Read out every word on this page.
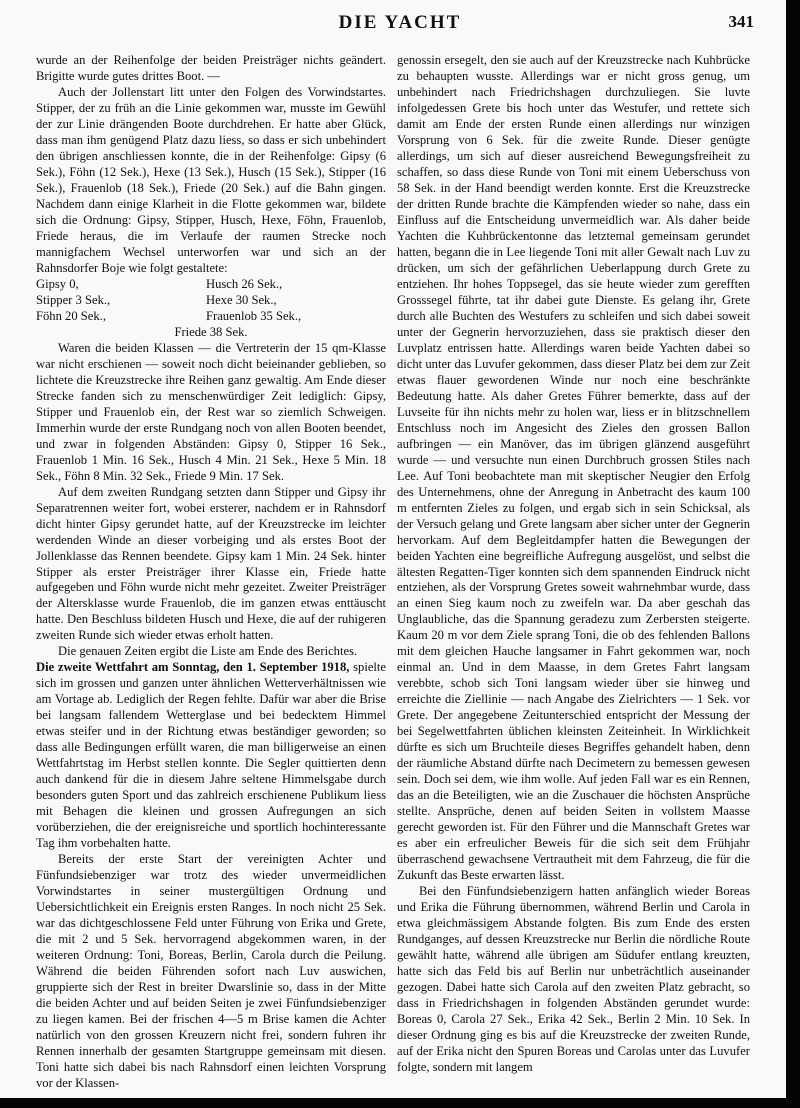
DIE YACHT	341

wurde an der Reihenfolge der beiden Preisträger nichts geändert. Brigitte wurde gutes drittes Boot. —

Auch der Jollenstart litt unter den Folgen des Vorwindstartes. Stipper, der zu früh an die Linie gekommen war, musste im Gewühl der zur Linie drängenden Boote durchdrehen. Er hatte aber Glück, dass man ihm genügend Platz dazu liess, so dass er sich unbehindert den übrigen anschliessen konnte, die in der Reihenfolge: Gipsy (6 Sek.), Föhn (12 Sek.), Hexe (13 Sek.), Husch (15 Sek.), Stipper (16 Sek.), Frauenlob (18 Sek.), Friede (20 Sek.) auf die Bahn gingen. Nachdem dann einige Klarheit in die Flotte gekommen war, bildete sich die Ordnung: Gipsy, Stipper, Husch, Hexe, Föhn, Frauenlob, Friede heraus, die im Verlaufe der raumen Strecke noch mannigfachem Wechsel unterworfen war und sich an der Rahnsdorfer Boje wie folgt gestaltete:

Gipsy 0,	Husch 26 Sek.,
Stipper 3 Sek.,	Hexe 30 Sek.,
Föhn 20 Sek.,	Frauenlob 35 Sek.,
Friede 38 Sek.

Waren die beiden Klassen — die Vertreterin der 15 qm-Klasse war nicht erschienen — soweit noch dicht beieinander geblieben, so lichtete die Kreuzstrecke ihre Reihen ganz gewaltig. Am Ende dieser Strecke fanden sich zu menschenwürdiger Zeit lediglich: Gipsy, Stipper und Frauenlob ein, der Rest war so ziemlich Schweigen. Immerhin wurde der erste Rundgang noch von allen Booten beendet, und zwar in folgenden Abständen: Gipsy 0, Stipper 16 Sek., Frauenlob 1 Min. 16 Sek., Husch 4 Min. 21 Sek., Hexe 5 Min. 18 Sek., Föhn 8 Min. 32 Sek., Friede 9 Min. 17 Sek.

Auf dem zweiten Rundgang setzten dann Stipper und Gipsy ihr Separatrennen weiter fort, wobei ersterer, nachdem er in Rahnsdorf dicht hinter Gipsy gerundet hatte, auf der Kreuzstrecke im leichter werdenden Winde an dieser vorbeiging und als erstes Boot der Jollenklasse das Rennen beendete. Gipsy kam 1 Min. 24 Sek. hinter Stipper als erster Preisträger ihrer Klasse ein, Friede hatte aufgegeben und Föhn wurde nicht mehr gezeitet. Zweiter Preisträger der Altersklasse wurde Frauenlob, die im ganzen etwas enttäuscht hatte. Den Beschluss bildeten Husch und Hexe, die auf der ruhigeren zweiten Runde sich wieder etwas erholt hatten.

Die genauen Zeiten ergibt die Liste am Ende des Berichtes.

Die zweite Wettfahrt am Sonntag, den 1. September 1918, spielte sich im grossen und ganzen unter ähnlichen Wetterverhältnissen wie am Vortage ab. Lediglich der Regen fehlte. Dafür war aber die Brise bei langsam fallendem Wetterglase und bei bedecktem Himmel etwas steifer und in der Richtung etwas beständiger geworden; so dass alle Bedingungen erfüllt waren, die man billigerweise an einen Wettfahrtstag im Herbst stellen konnte. Die Segler quittierten denn auch dankend für die in diesem Jahre seltene Himmelsgabe durch besonders guten Sport und das zahlreich erschienene Publikum liess mit Behagen die kleinen und grossen Aufregungen an sich vorüberziehen, die der ereignisreiche und sportlich hochinteressante Tag ihm vorbehalten hatte.

Bereits der erste Start der vereinigten Achter und Fünfundsiebenziger war trotz des wieder unvermeidlichen Vorwindstartes in seiner mustergültigen Ordnung und Uebersichtlichkeit ein Ereignis ersten Ranges. In noch nicht 25 Sek. war das dichtgeschlossene Feld unter Führung von Erika und Grete, die mit 2 und 5 Sek. hervorragend abgekommen waren, in der weiteren Ordnung: Toni, Boreas, Berlin, Carola durch die Peilung. Während die beiden Führenden sofort nach Luv auswichen, gruppierte sich der Rest in breiter Dwarslinie so, dass in der Mitte die beiden Achter und auf beiden Seiten je zwei Fünfundsiebenziger zu liegen kamen. Bei der frischen 4—5 m Brise kamen die Achter natürlich von den grossen Kreuzern nicht frei, sondern fuhren ihr Rennen innerhalb der gesamten Startgruppe gemeinsam mit diesen. Toni hatte sich dabei bis nach Rahnsdorf einen leichten Vorsprung vor der Klassen-

genossin ersegelt, den sie auch auf der Kreuzstrecke nach Kuhbrücke zu behaupten wusste. Allerdings war er nicht gross genug, um unbehindert nach Friedrichshagen durchzuliegen. Sie luvte infolgedessen Grete bis hoch unter das Westufer, und rettete sich damit am Ende der ersten Runde einen allerdings nur winzigen Vorsprung von 6 Sek. für die zweite Runde. Dieser genügte allerdings, um sich auf dieser ausreichend Bewegungsfreiheit zu schaffen, so dass diese Runde von Toni mit einem Ueberschuss von 58 Sek. in der Hand beendigt werden konnte. Erst die Kreuzstrecke der dritten Runde brachte die Kämpfenden wieder so nahe, dass ein Einfluss auf die Entscheidung unvermeidlich war. Als daher beide Yachten die Kuhbrückentonne das letztemal gemeinsam gerundet hatten, begann die in Lee liegende Toni mit aller Gewalt nach Luv zu drücken, um sich der gefährlichen Ueberlappung durch Grete zu entziehen. Ihr hohes Toppsegel, das sie heute wieder zum gerefften Grosssegel führte, tat ihr dabei gute Dienste. Es gelang ihr, Grete durch alle Buchten des Westufers zu schleifen und sich dabei soweit unter der Gegnerin hervorzuziehen, dass sie praktisch dieser den Luvplatz entrissen hatte. Allerdings waren beide Yachten dabei so dicht unter das Luvufer gekommen, dass dieser Platz bei dem zur Zeit etwas flauer gewordenen Winde nur noch eine beschränkte Bedeutung hatte. Als daher Gretes Führer bemerkte, dass auf der Luvseite für ihn nichts mehr zu holen war, liess er in blitzschnellem Entschluss noch im Angesicht des Zieles den grossen Ballon aufbringen — ein Manöver, das im übrigen glänzend ausgeführt wurde — und versuchte nun einen Durchbruch grossen Stiles nach Lee. Auf Toni beobachtete man mit skeptischer Neugier den Erfolg des Unternehmens, ohne der Anregung in Anbetracht des kaum 100 m entfernten Zieles zu folgen, und ergab sich in sein Schicksal, als der Versuch gelang und Grete langsam aber sicher unter der Gegnerin hervorkam. Auf dem Begleitdampfer hatten die Bewegungen der beiden Yachten eine begreifliche Aufregung ausgelöst, und selbst die ältesten Regatten-Tiger konnten sich dem spannenden Eindruck nicht entziehen, als der Vorsprung Gretes soweit wahrnehmbar wurde, dass an einen Sieg kaum noch zu zweifeln war. Da aber geschah das Unglaubliche, das die Spannung geradezu zum Zerbersten steigerte. Kaum 20 m vor dem Ziele sprang Toni, die ob des fehlenden Ballons mit dem gleichen Hauche langsamer in Fahrt gekommen war, noch einmal an. Und in dem Maasse, in dem Gretes Fahrt langsam verebbte, schob sich Toni langsam wieder über sie hinweg und erreichte die Ziellinie — nach Angabe des Zielrichters — 1 Sek. vor Grete. Der angegebene Zeitunterschied entspricht der Messung der bei Segelwettfahrten üblichen kleinsten Zeiteinheit. In Wirklichkeit dürfte es sich um Bruchteile dieses Begriffes gehandelt haben, denn der räumliche Abstand dürfte nach Decimetern zu bemessen gewesen sein. Doch sei dem, wie ihm wolle. Auf jeden Fall war es ein Rennen, das an die Beteiligten, wie an die Zuschauer die höchsten Ansprüche stellte. Ansprüche, denen auf beiden Seiten in vollstem Maasse gerecht geworden ist. Für den Führer und die Mannschaft Gretes war es aber ein erfreulicher Beweis für die sich seit dem Frühjahr überraschend gewachsene Vertrautheit mit dem Fahrzeug, die für die Zukunft das Beste erwarten lässt.

Bei den Fünfundsiebenzigern hatten anfänglich wieder Boreas und Erika die Führung übernommen, während Berlin und Carola in etwa gleichmässigem Abstande folgten. Bis zum Ende des ersten Rundganges, auf dessen Kreuzstrecke nur Berlin die nördliche Route gewählt hatte, während alle übrigen am Südufer entlang kreuzten, hatte sich das Feld bis auf Berlin nur unbeträchtlich auseinander gezogen. Dabei hatte sich Carola auf den zweiten Platz gebracht, so dass in Friedrichshagen in folgenden Abständen gerundet wurde: Boreas 0, Carola 27 Sek., Erika 42 Sek., Berlin 2 Min. 10 Sek. In dieser Ordnung ging es bis auf die Kreuzstrecke der zweiten Runde, auf der Erika nicht den Spuren Boreas und Carolas unter das Luvufer folgte, sondern mit langem
